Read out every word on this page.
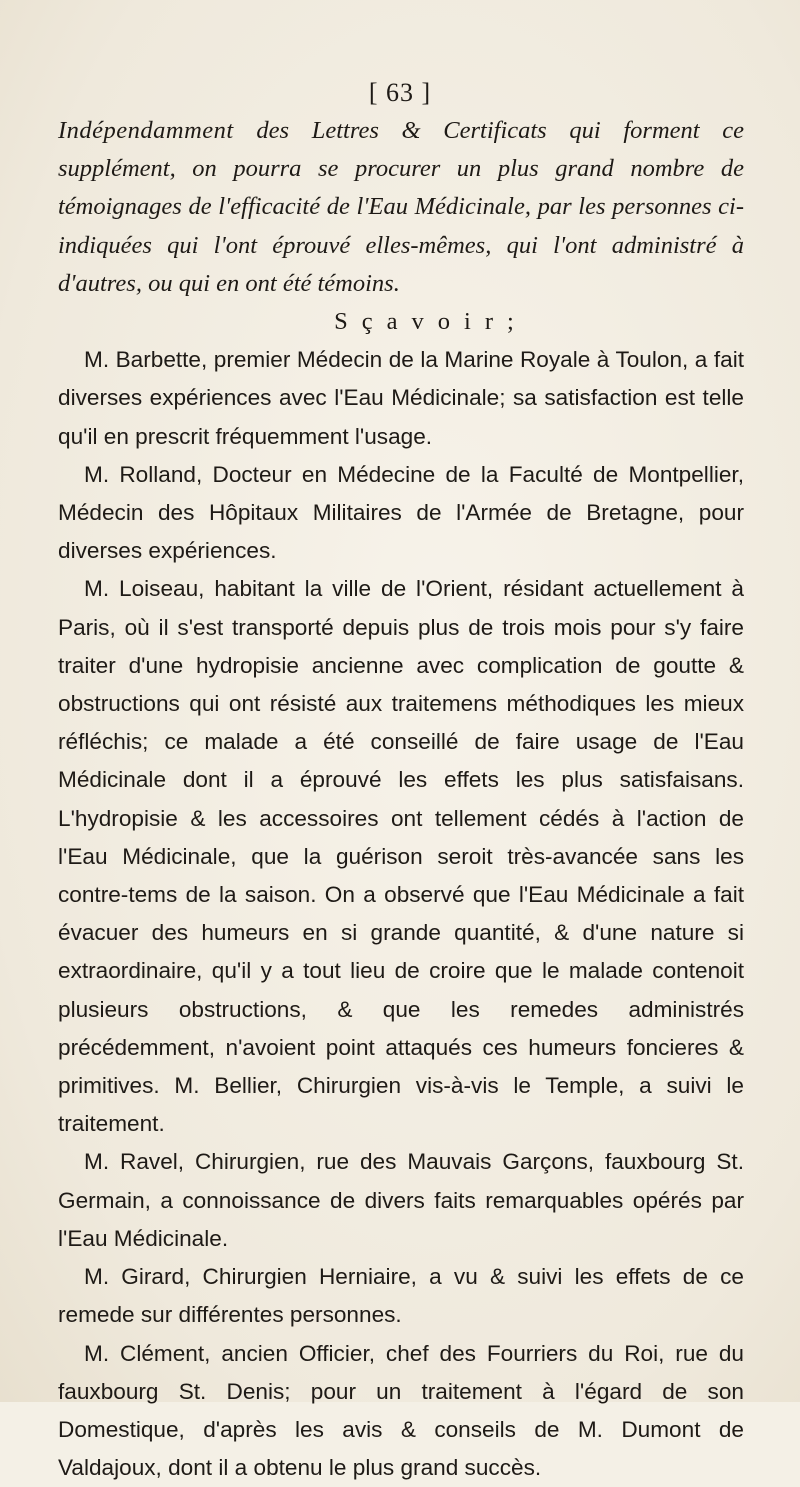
[ 63 ]

Indépendamment des Lettres & Certificats qui forment ce supplément, on pourra se procurer un plus grand nombre de témoignages de l'efficacité de l'Eau Médicinale, par les personnes ci-indiquées qui l'ont éprouvé elles-mêmes, qui l'ont administré à d'autres, ou qui en ont été témoins.

Sçavoir;

M. Barbette, premier Médecin de la Marine Royale à Toulon, a fait diverses expériences avec l'Eau Médicinale; sa satisfaction est telle qu'il en prescrit fréquemment l'usage.

M. Rolland, Docteur en Médecine de la Faculté de Montpellier, Médecin des Hôpitaux Militaires de l'Armée de Bretagne, pour diverses expériences.

M. Loiseau, habitant la ville de l'Orient, résidant actuellement à Paris, où il s'est transporté depuis plus de trois mois pour s'y faire traiter d'une hydropisie ancienne avec complication de goutte & obstructions qui ont résisté aux traitemens méthodiques les mieux réfléchis; ce malade a été conseillé de faire usage de l'Eau Médicinale dont il a éprouvé les effets les plus satisfaisans. L'hydropisie & les accessoires ont tellement cédés à l'action de l'Eau Médicinale, que la guérison seroit très-avancée sans les contre-tems de la saison. On a observé que l'Eau Médicinale a fait évacuer des humeurs en si grande quantité, & d'une nature si extraordinaire, qu'il y a tout lieu de croire que le malade contenoit plusieurs obstructions, & que les remedes administrés précédemment, n'avoient point attaqués ces humeurs foncieres & primitives. M. Bellier, Chirurgien vis-à-vis le Temple, a suivi le traitement.

M. Ravel, Chirurgien, rue des Mauvais Garçons, fauxbourg St. Germain, a connoissance de divers faits remarquables opérés par l'Eau Médicinale.

M. Girard, Chirurgien Herniaire, a vu & suivi les effets de ce remede sur différentes personnes.

M. Clément, ancien Officier, chef des Fourriers du Roi, rue du fauxbourg St. Denis; pour un traitement à l'égard de son Domestique, d'après les avis & conseils de M. Dumont de Valdajoux, dont il a obtenu le plus grand succès.
